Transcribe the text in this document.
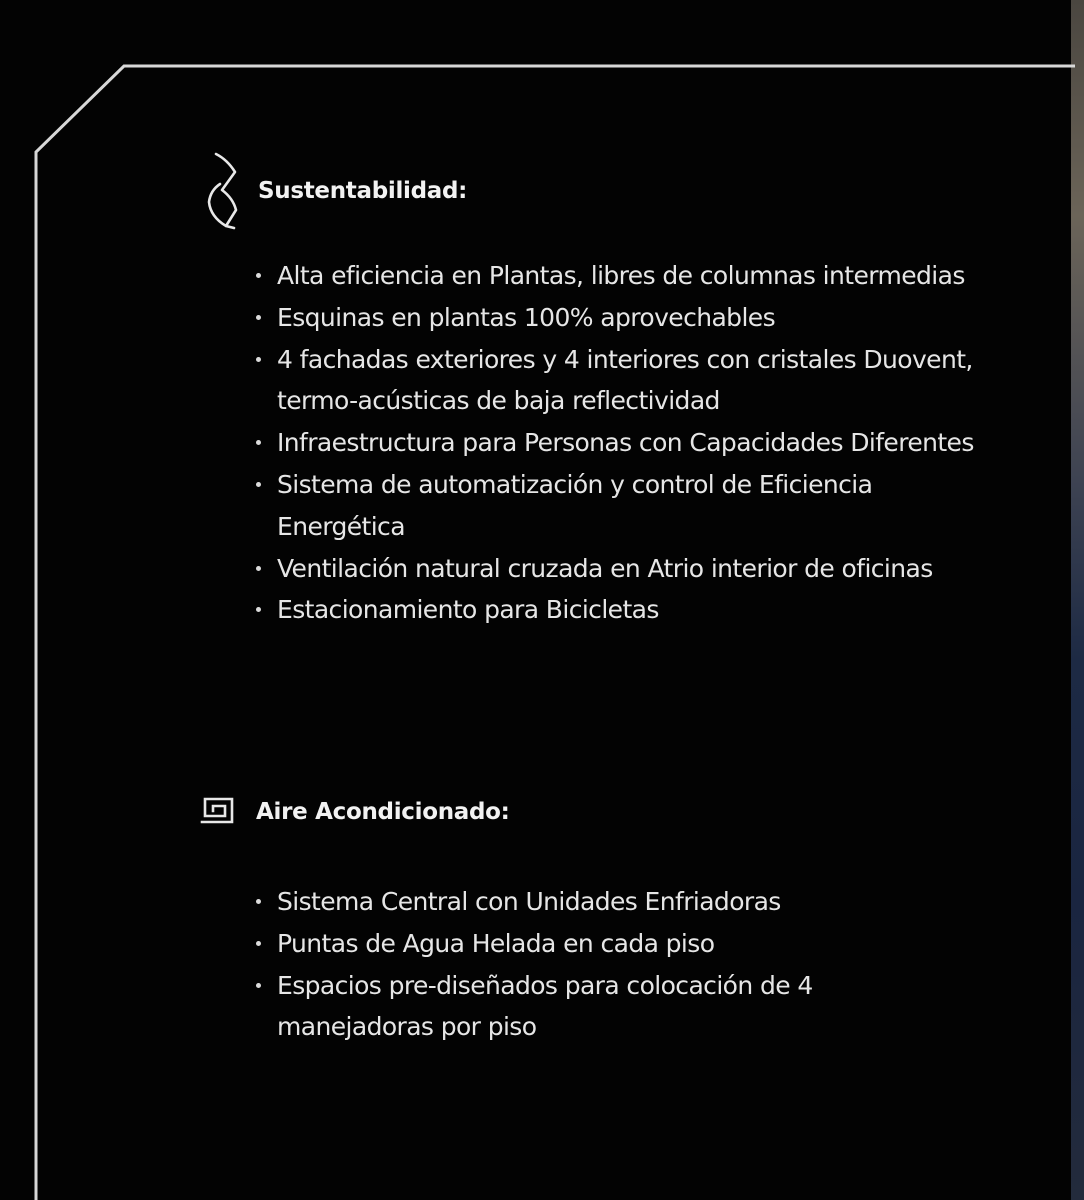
Sustentabilidad:
Alta eficiencia en Plantas, libres de columnas intermedias
Esquinas en plantas 100% aprovechables
4 fachadas exteriores y 4 interiores con cristales Duovent, termo-acústicas de baja reflectividad
Infraestructura para Personas con Capacidades Diferentes
Sistema de automatización y control de Eficiencia Energética
Ventilación natural cruzada en Atrio interior de oficinas
Estacionamiento para Bicicletas
Aire Acondicionado:
Sistema Central con Unidades Enfriadoras
Puntas de Agua Helada en cada piso
Espacios pre-diseñados para colocación de 4 manejadoras por piso
